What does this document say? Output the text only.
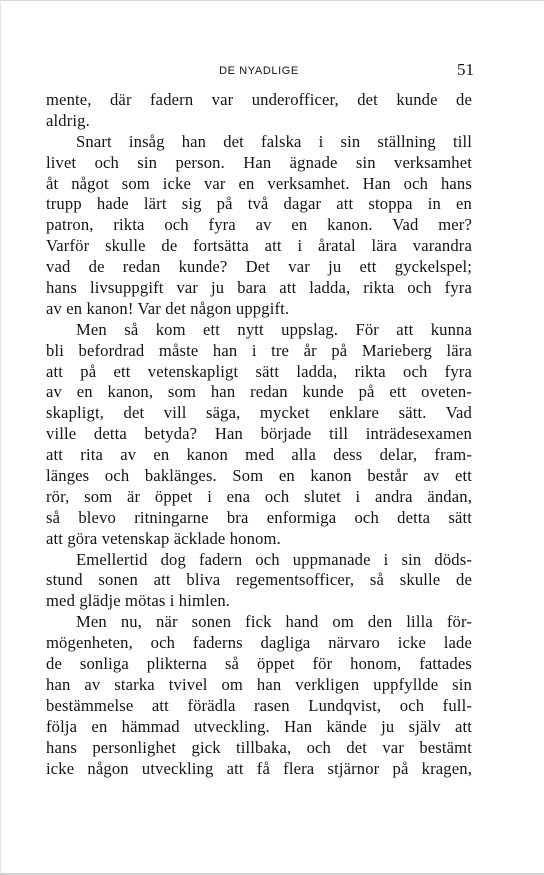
DE NYADLIGE	51
mente, där fadern var underofficer, det kunde de
aldrig.
Snart insåg han det falska i sin ställning till
livet och sin person. Han ägnade sin verksamhet
åt något som icke var en verksamhet. Han och hans
trupp hade lärt sig på två dagar att stoppa in en
patron, rikta och fyra av en kanon. Vad mer?
Varför skulle de fortsätta att i åratal lära varandra
vad de redan kunde? Det var ju ett gyckelspel;
hans livsuppgift var ju bara att ladda, rikta och fyra
av en kanon! Var det någon uppgift.
Men så kom ett nytt uppslag. För att kunna
bli befordrad måste han i tre år på Marieberg lära
att på ett vetenskapligt sätt ladda, rikta och fyra
av en kanon, som han redan kunde på ett oveten-
skapligt, det vill säga, mycket enklare sätt. Vad
ville detta betyda? Han började till inträdesexamen
att rita av en kanon med alla dess delar, fram-
länges och baklänges. Som en kanon består av ett
rör, som är öppet i ena och slutet i andra ändan,
så blevo ritningarne bra enformiga och detta sätt
att göra vetenskap äcklade honom.
Emellertid dog fadern och uppmanade i sin döds-
stund sonen att bliva regementsofficer, så skulle de
med glädje mötas i himlen.
Men nu, när sonen fick hand om den lilla för-
mögenheten, och faderns dagliga närvaro icke lade
de sonliga plikterna så öppet för honom, fattades
han av starka tvivel om han verkligen uppfyllde sin
bestämmelse att förädla rasen Lundqvist, och full-
följa en hämmad utveckling. Han kände ju själv att
hans personlighet gick tillbaka, och det var bestämt
icke någon utveckling att få flera stjärnor på kragen,
